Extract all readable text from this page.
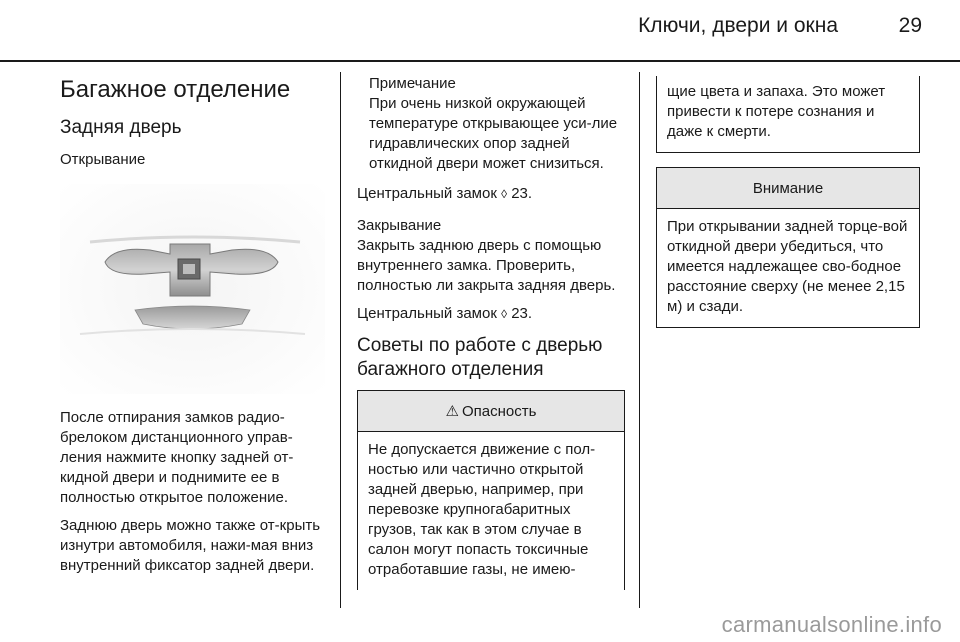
Ключи, двери и окна	29
Багажное отделение
Задняя дверь
Открывание

После отпирания замков радио-брелоком дистанционного управ-ления нажмите кнопку задней от-кидной двери и поднимите ее в полностью открытое положение.

Заднюю дверь можно также от-крыть изнутри автомобиля, нажи-мая вниз внутренний фиксатор задней двери.

Примечание
При очень низкой окружающей температуре открывающее уси-лие гидравлических опор задней откидной двери может снизиться.

Центральный замок ◊ 23.

Закрывание

Закрыть заднюю дверь с помощью внутреннего замка. Проверить, полностью ли закрыта задняя дверь.

Центральный замок ◊ 23.

Советы по работе с дверью багажного отделения
⚠ Опасность
Не допускается движение с пол-ностью или частично открытой задней дверью, например, при перевозке крупногабаритных грузов, так как в этом случае в салон могут попасть токсичные отработавшие газы, не имею-
щие цвета и запаха. Это может привести к потере сознания и даже к смерти.
Внимание
При открывании задней торце-вой откидной двери убедиться, что имеется надлежащее сво-бодное расстояние сверху (не менее 2,15 м) и сзади.
carmanualsonline.info
